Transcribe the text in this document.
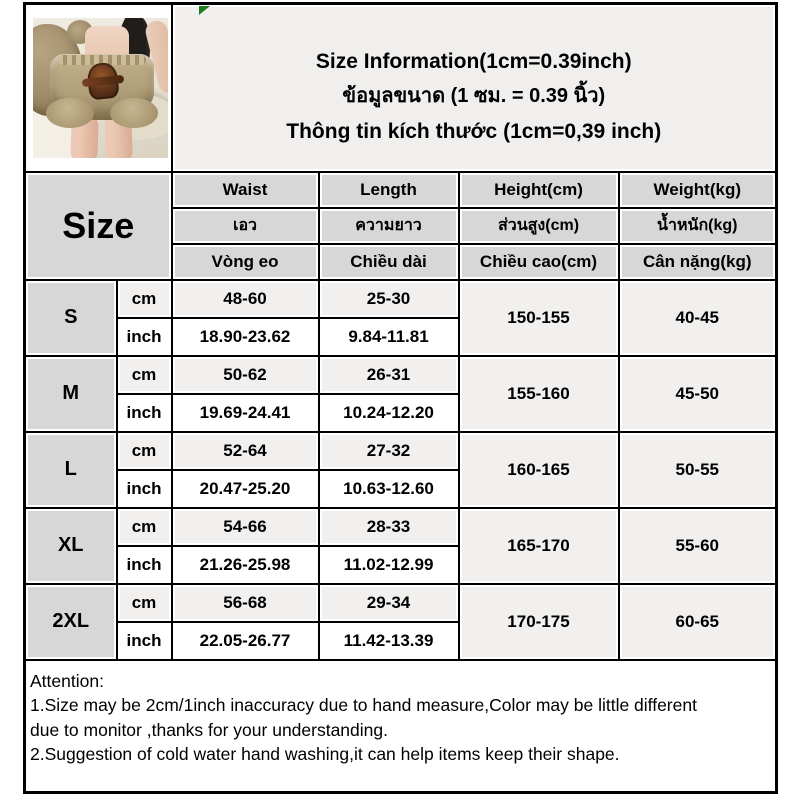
		Size Information(1cm=0.39inch)
ข้อมูลขนาด (1 ซม. = 0.39 นิ้ว)
Thông tin kích thước (1cm=0,39 inch)			

Size		Waist	Length	Height(cm)	Weight(kg)
		เอว	ความยาว	ส่วนสูง(cm)	น้ำหนัก(kg)
		Vòng eo	Chiều dài	Chiều cao(cm)	Cân nặng(kg)
S	cm	48-60	25-30	150-155	40-45
	inch	18.90-23.62	9.84-11.81		
M	cm	50-62	26-31	155-160	45-50
	inch	19.69-24.41	10.24-12.20		
L	cm	52-64	27-32	160-165	50-55
	inch	20.47-25.20	10.63-12.60		
XL	cm	54-66	28-33	165-170	55-60
	inch	21.26-25.98	11.02-12.99		
2XL	cm	56-68	29-34	170-175	60-65
	inch	22.05-26.77	11.42-13.39		

Attention:
1.Size may be 2cm/1inch inaccuracy due to hand measure,Color may be little different
due to monitor ,thanks for your understanding.
2.Suggestion of cold water hand washing,it can help items keep their shape.					
